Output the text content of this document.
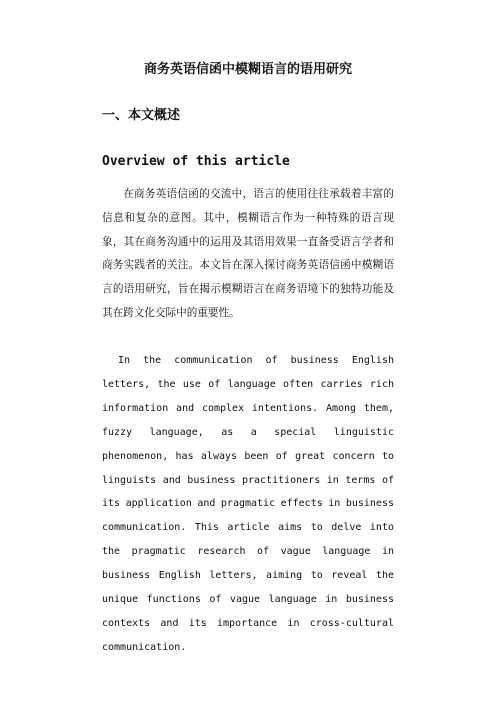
商务英语信函中模糊语言的语用研究
一、本文概述
Overview of this article

在商务英语信函的交流中，语言的使用往往承载着丰富的信息和复杂的意图。其中，模糊语言作为一种特殊的语言现象，其在商务沟通中的运用及其语用效果一直备受语言学者和商务实践者的关注。本文旨在深入探讨商务英语信函中模糊语言的语用研究，旨在揭示模糊语言在商务语境下的独特功能及其在跨文化交际中的重要性。

In the communication of business English letters, the use of language often carries rich information and complex intentions. Among them, fuzzy language, as a special linguistic phenomenon, has always been of great concern to linguists and business practitioners in terms of its application and pragmatic effects in business communication. This article aims to delve into the pragmatic research of vague language in business English letters, aiming to reveal the unique functions of vague language in business contexts and its importance in cross-cultural communication.
